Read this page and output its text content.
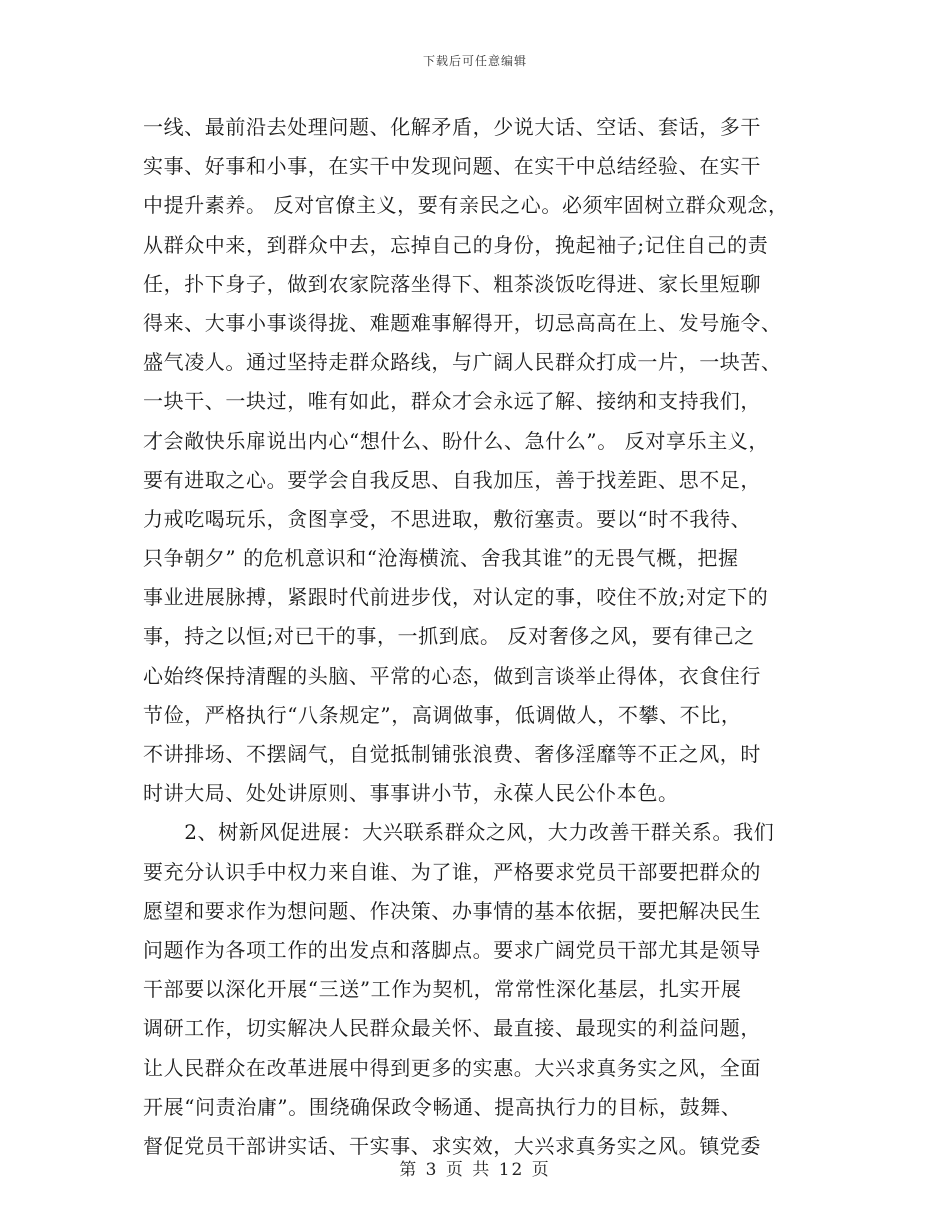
下载后可任意编辑
一线、最前沿去处理问题、化解矛盾，少说大话、空话、套话，多干
实事、好事和小事，在实干中发现问题、在实干中总结经验、在实干
中提升素养。 反对官僚主义，要有亲民之心。必须牢固树立群众观念，
从群众中来，到群众中去，忘掉自己的身份，挽起袖子;记住自己的责
任，扑下身子，做到农家院落坐得下、粗茶淡饭吃得进、家长里短聊
得来、大事小事谈得拢、难题难事解得开，切忌高高在上、发号施令、
盛气凌人。通过坚持走群众路线，与广阔人民群众打成一片，一块苦、
一块干、一块过，唯有如此，群众才会永远了解、接纳和支持我们，
才会敞快乐扉说出内心“想什么、盼什么、急什么”。 反对享乐主义，
要有进取之心。要学会自我反思、自我加压，善于找差距、思不足，
力戒吃喝玩乐，贪图享受，不思进取，敷衍塞责。要以“时不我待、
只争朝夕” 的危机意识和“沧海横流、舍我其谁”的无畏气概，把握
事业进展脉搏，紧跟时代前进步伐，对认定的事，咬住不放;对定下的
事，持之以恒;对已干的事，一抓到底。 反对奢侈之风，要有律己之
心始终保持清醒的头脑、平常的心态，做到言谈举止得体，衣食住行
节俭，严格执行“八条规定”，高调做事，低调做人，不攀、不比，
不讲排场、不摆阔气，自觉抵制铺张浪费、奢侈淫靡等不正之风，时
时讲大局、处处讲原则、事事讲小节，永葆人民公仆本色。
　　2、树新风促进展：大兴联系群众之风，大力改善干群关系。我们
要充分认识手中权力来自谁、为了谁，严格要求党员干部要把群众的
愿望和要求作为想问题、作决策、办事情的基本依据，要把解决民生
问题作为各项工作的出发点和落脚点。要求广阔党员干部尤其是领导
干部要以深化开展“三送”工作为契机，常常性深化基层，扎实开展
调研工作，切实解决人民群众最关怀、最直接、最现实的利益问题，
让人民群众在改革进展中得到更多的实惠。大兴求真务实之风，全面
开展“问责治庸”。围绕确保政令畅通、提高执行力的目标，鼓舞、
督促党员干部讲实话、干实事、求实效，大兴求真务实之风。镇党委
第 3 页 共 12 页
